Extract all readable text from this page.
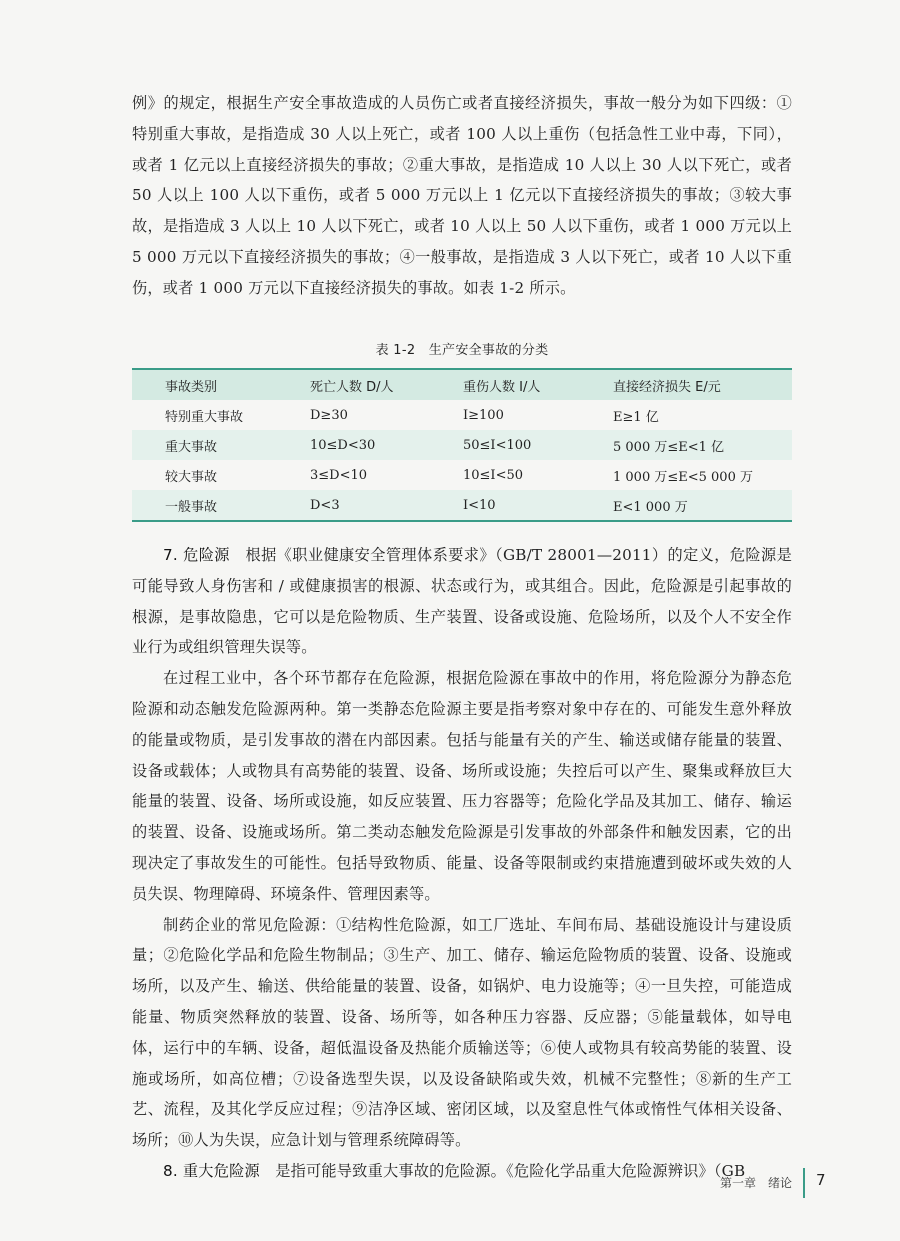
例》的规定，根据生产安全事故造成的人员伤亡或者直接经济损失，事故一般分为如下四级：①特别重大事故，是指造成 30 人以上死亡，或者 100 人以上重伤（包括急性工业中毒，下同），或者 1 亿元以上直接经济损失的事故；②重大事故，是指造成 10 人以上 30 人以下死亡，或者 50 人以上 100 人以下重伤，或者 5 000 万元以上 1 亿元以下直接经济损失的事故；③较大事故，是指造成 3 人以上 10 人以下死亡，或者 10 人以上 50 人以下重伤，或者 1 000 万元以上 5 000 万元以下直接经济损失的事故；④一般事故，是指造成 3 人以下死亡，或者 10 人以下重伤，或者 1 000 万元以下直接经济损失的事故。如表 1-2 所示。

表 1-2　生产安全事故的分类
事故类别	死亡人数 D/人	重伤人数 I/人	直接经济损失 E/元
特别重大事故	D≥30	I≥100	E≥1 亿
重大事故	10≤D<30	50≤I<100	5 000 万≤E<1 亿
较大事故	3≤D<10	10≤I<50	1 000 万≤E<5 000 万
一般事故	D<3	I<10	E<1 000 万

7. 危险源　 根据《职业健康安全管理体系要求》（GB/T 28001—2011）的定义，危险源是可能导致人身伤害和 / 或健康损害的根源、状态或行为，或其组合。因此，危险源是引起事故的根源，是事故隐患，它可以是危险物质、生产装置、设备或设施、危险场所，以及个人不安全作业行为或组织管理失误等。

在过程工业中，各个环节都存在危险源，根据危险源在事故中的作用，将危险源分为静态危险源和动态触发危险源两种。第一类静态危险源主要是指考察对象中存在的、可能发生意外释放的能量或物质，是引发事故的潜在内部因素。包括与能量有关的产生、输送或储存能量的装置、设备或载体；人或物具有高势能的装置、设备、场所或设施；失控后可以产生、聚集或释放巨大能量的装置、设备、场所或设施，如反应装置、压力容器等；危险化学品及其加工、储存、输运的装置、设备、设施或场所。第二类动态触发危险源是引发事故的外部条件和触发因素，它的出现决定了事故发生的可能性。包括导致物质、能量、设备等限制或约束措施遭到破坏或失效的人员失误、物理障碍、环境条件、管理因素等。

制药企业的常见危险源：①结构性危险源，如工厂选址、车间布局、基础设施设计与建设质量；②危险化学品和危险生物制品；③生产、加工、储存、输运危险物质的装置、设备、设施或场所，以及产生、输送、供给能量的装置、设备，如锅炉、电力设施等；④一旦失控，可能造成能量、物质突然释放的装置、设备、场所等，如各种压力容器、反应器；⑤能量载体，如导电体，运行中的车辆、设备，超低温设备及热能介质输送等；⑥使人或物具有较高势能的装置、设施或场所，如高位槽；⑦设备选型失误，以及设备缺陷或失效，机械不完整性；⑧新的生产工艺、流程，及其化学反应过程；⑨洁净区域、密闭区域，以及窒息性气体或惰性气体相关设备、场所；⑩人为失误，应急计划与管理系统障碍等。

8. 重大危险源　 是指可能导致重大事故的危险源。《危险化学品重大危险源辨识》（GB

第一章　绪论 7
